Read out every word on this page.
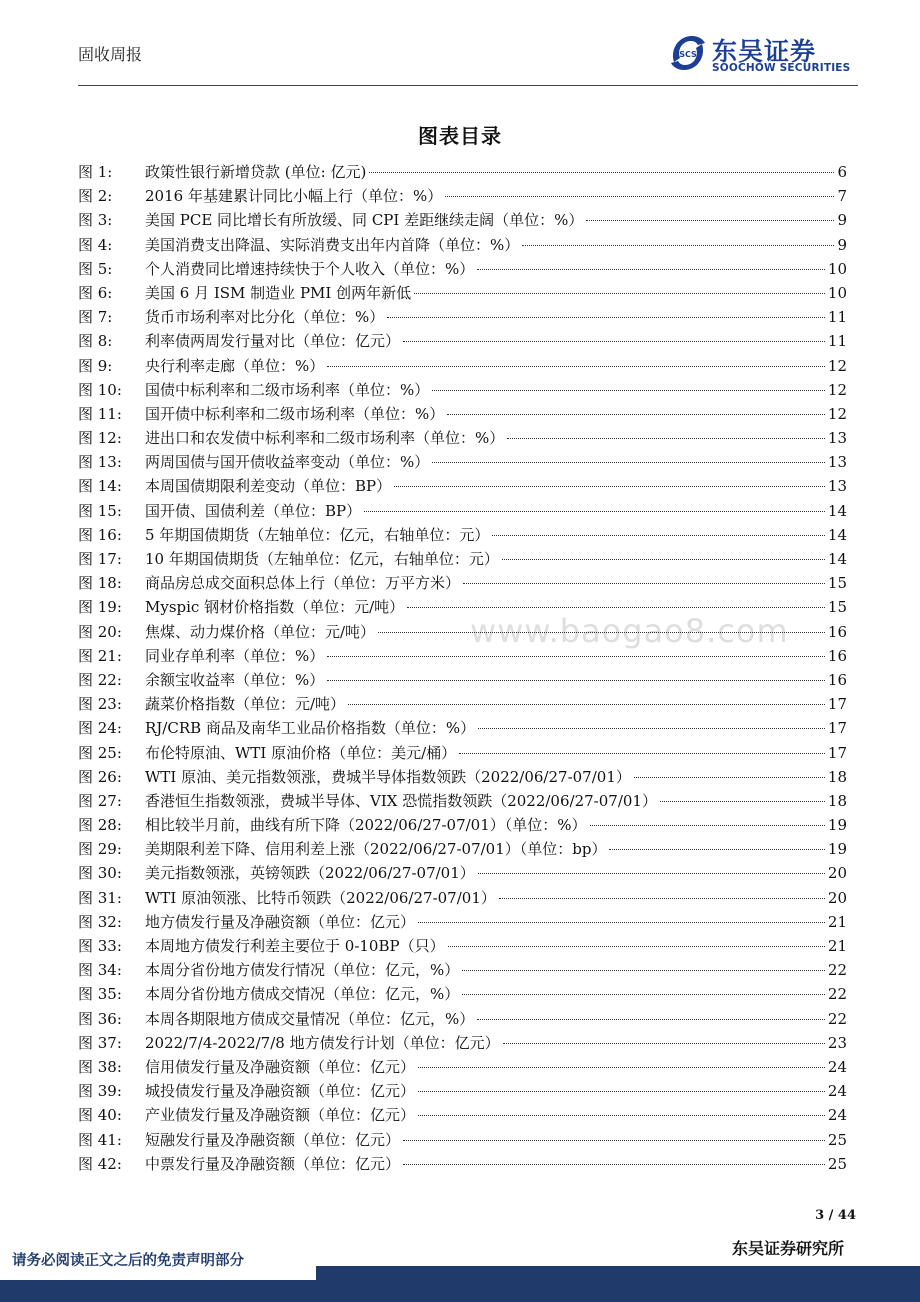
固收周报	SCS 东吴证券
SOOCHOW SECURITIES
图表目录
www.baogao8.com
图 1:	政策性银行新增贷款 (单位: 亿元)	6
图 2:	2016 年基建累计同比小幅上行（单位：%）	7
图 3:	美国 PCE 同比增长有所放缓、同 CPI 差距继续走阔（单位：%）	9
图 4:	美国消费支出降温、实际消费支出年内首降（单位：%）	9
图 5:	个人消费同比增速持续快于个人收入（单位：%）	10
图 6:	美国 6 月 ISM 制造业 PMI 创两年新低	10
图 7:	货币市场利率对比分化（单位：%）	11
图 8:	利率债两周发行量对比（单位：亿元）	11
图 9:	央行利率走廊（单位：%）	12
图 10:	国债中标利率和二级市场利率（单位：%）	12
图 11:	国开债中标利率和二级市场利率（单位：%）	12
图 12:	进出口和农发债中标利率和二级市场利率（单位：%）	13
图 13:	两周国债与国开债收益率变动（单位：%）	13
图 14:	本周国债期限利差变动（单位：BP）	13
图 15:	国开债、国债利差（单位：BP）	14
图 16:	5 年期国债期货（左轴单位：亿元，右轴单位：元）	14
图 17:	10 年期国债期货（左轴单位：亿元，右轴单位：元）	14
图 18:	商品房总成交面积总体上行（单位：万平方米）	15
图 19:	Myspic 钢材价格指数（单位：元/吨）	15
图 20:	焦煤、动力煤价格（单位：元/吨）	16
图 21:	同业存单利率（单位：%）	16
图 22:	余额宝收益率（单位：%）	16
图 23:	蔬菜价格指数（单位：元/吨）	17
图 24:	RJ/CRB 商品及南华工业品价格指数（单位：%）	17
图 25:	布伦特原油、WTI 原油价格（单位：美元/桶）	17
图 26:	WTI 原油、美元指数领涨，费城半导体指数领跌（2022/06/27-07/01）	18
图 27:	香港恒生指数领涨，费城半导体、VIX 恐慌指数领跌（2022/06/27-07/01）	18
图 28:	相比较半月前，曲线有所下降（2022/06/27-07/01）（单位：%）	19
图 29:	美期限利差下降、信用利差上涨（2022/06/27-07/01）（单位：bp）	19
图 30:	美元指数领涨，英镑领跌（2022/06/27-07/01）	20
图 31:	WTI 原油领涨、比特币领跌（2022/06/27-07/01）	20
图 32:	地方债发行量及净融资额（单位：亿元）	21
图 33:	本周地方债发行利差主要位于 0-10BP（只）	21
图 34:	本周分省份地方债发行情况（单位：亿元，%）	22
图 35:	本周分省份地方债成交情况（单位：亿元，%）	22
图 36:	本周各期限地方债成交量情况（单位：亿元，%）	22
图 37:	2022/7/4-2022/7/8 地方债发行计划（单位：亿元）	23
图 38:	信用债发行量及净融资额（单位：亿元）	24
图 39:	城投债发行量及净融资额（单位：亿元）	24
图 40:	产业债发行量及净融资额（单位：亿元）	24
图 41:	短融发行量及净融资额（单位：亿元）	25
图 42:	中票发行量及净融资额（单位：亿元）	25
3 / 44
东吴证券研究所
请务必阅读正文之后的免责声明部分
